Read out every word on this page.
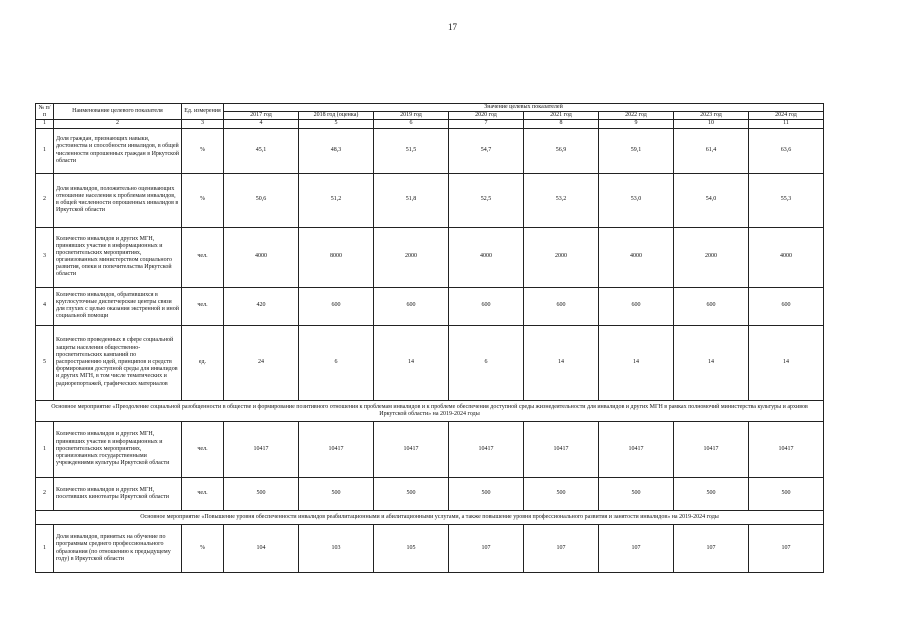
17
№ п/п	Наименование целевого показателя	Ед. измерения	Значение целевых показателей							
			2017 год	2018 год (оценка)	2019 год	2020 год	2021 год	2022 год	2023 год	2024 год
1	2	3	4	5	6	7	8	9	10	11
1	Доля граждан, признающих навыки, достоинства и способности инвалидов, в общей численности опрошенных граждан в Иркутской области	%	45,1	48,3	51,5	54,7	56,9	59,1	61,4	63,6
2	Доля инвалидов, положительно оценивающих отношение населения к проблемам инвалидов, в общей численности опрошенных инвалидов в Иркутской области	%	50,6	51,2	51,8	52,5	53,2	53,0	54,0	55,3
3	Количество инвалидов и других МГН, принявших участие в информационных и просветительских мероприятиях, организованных министерством социального развития, опеки и попечительства Иркутской области	чел.	4000	8000	2000	4000	2000	4000	2000	4000
4	Количество инвалидов, обратившихся в круглосуточные диспетчерские центры связи для глухих с целью оказания экстренной и иной социальной помощи	чел.	420	600	600	600	600	600	600	600
5	Количество проведенных в сфере социальной защиты населения общественно-просветительских кампаний по распространению идей, принципов и средств формирования доступной среды для инвалидов и других МГН, в том числе тематических и радиорепортажей, графических материалов	ед.	24	6	14	6	14	14	14	14
Основное мероприятие «Преодоление социальной разобщенности в обществе и формирование позитивного отношения к проблемам инвалидов и к проблеме обеспечения доступной среды жизнедеятельности для инвалидов и других МГН в рамках полномочий министерства культуры и архивов Иркутской области» на 2019-2024 годы										
1	Количество инвалидов и других МГН, принявших участие в информационных и просветительских мероприятиях, организованных государственными учреждениями культуры Иркутской области	чел.	10417	10417	10417	10417	10417	10417	10417	10417
2	Количество инвалидов и других МГН, посетивших кинотеатры Иркутской области	чел.	500	500	500	500	500	500	500	500
Основное мероприятие «Повышение уровня обеспеченности инвалидов реабилитационными и абилитационными услугами, а также повышение уровня профессионального развития и занятости инвалидов» на 2019-2024 годы										
1	Доля инвалидов, принятых на обучение по программам среднего профессионального образования (по отношению к предыдущему году) в Иркутской области	%	104	103	105	107	107	107	107	107
